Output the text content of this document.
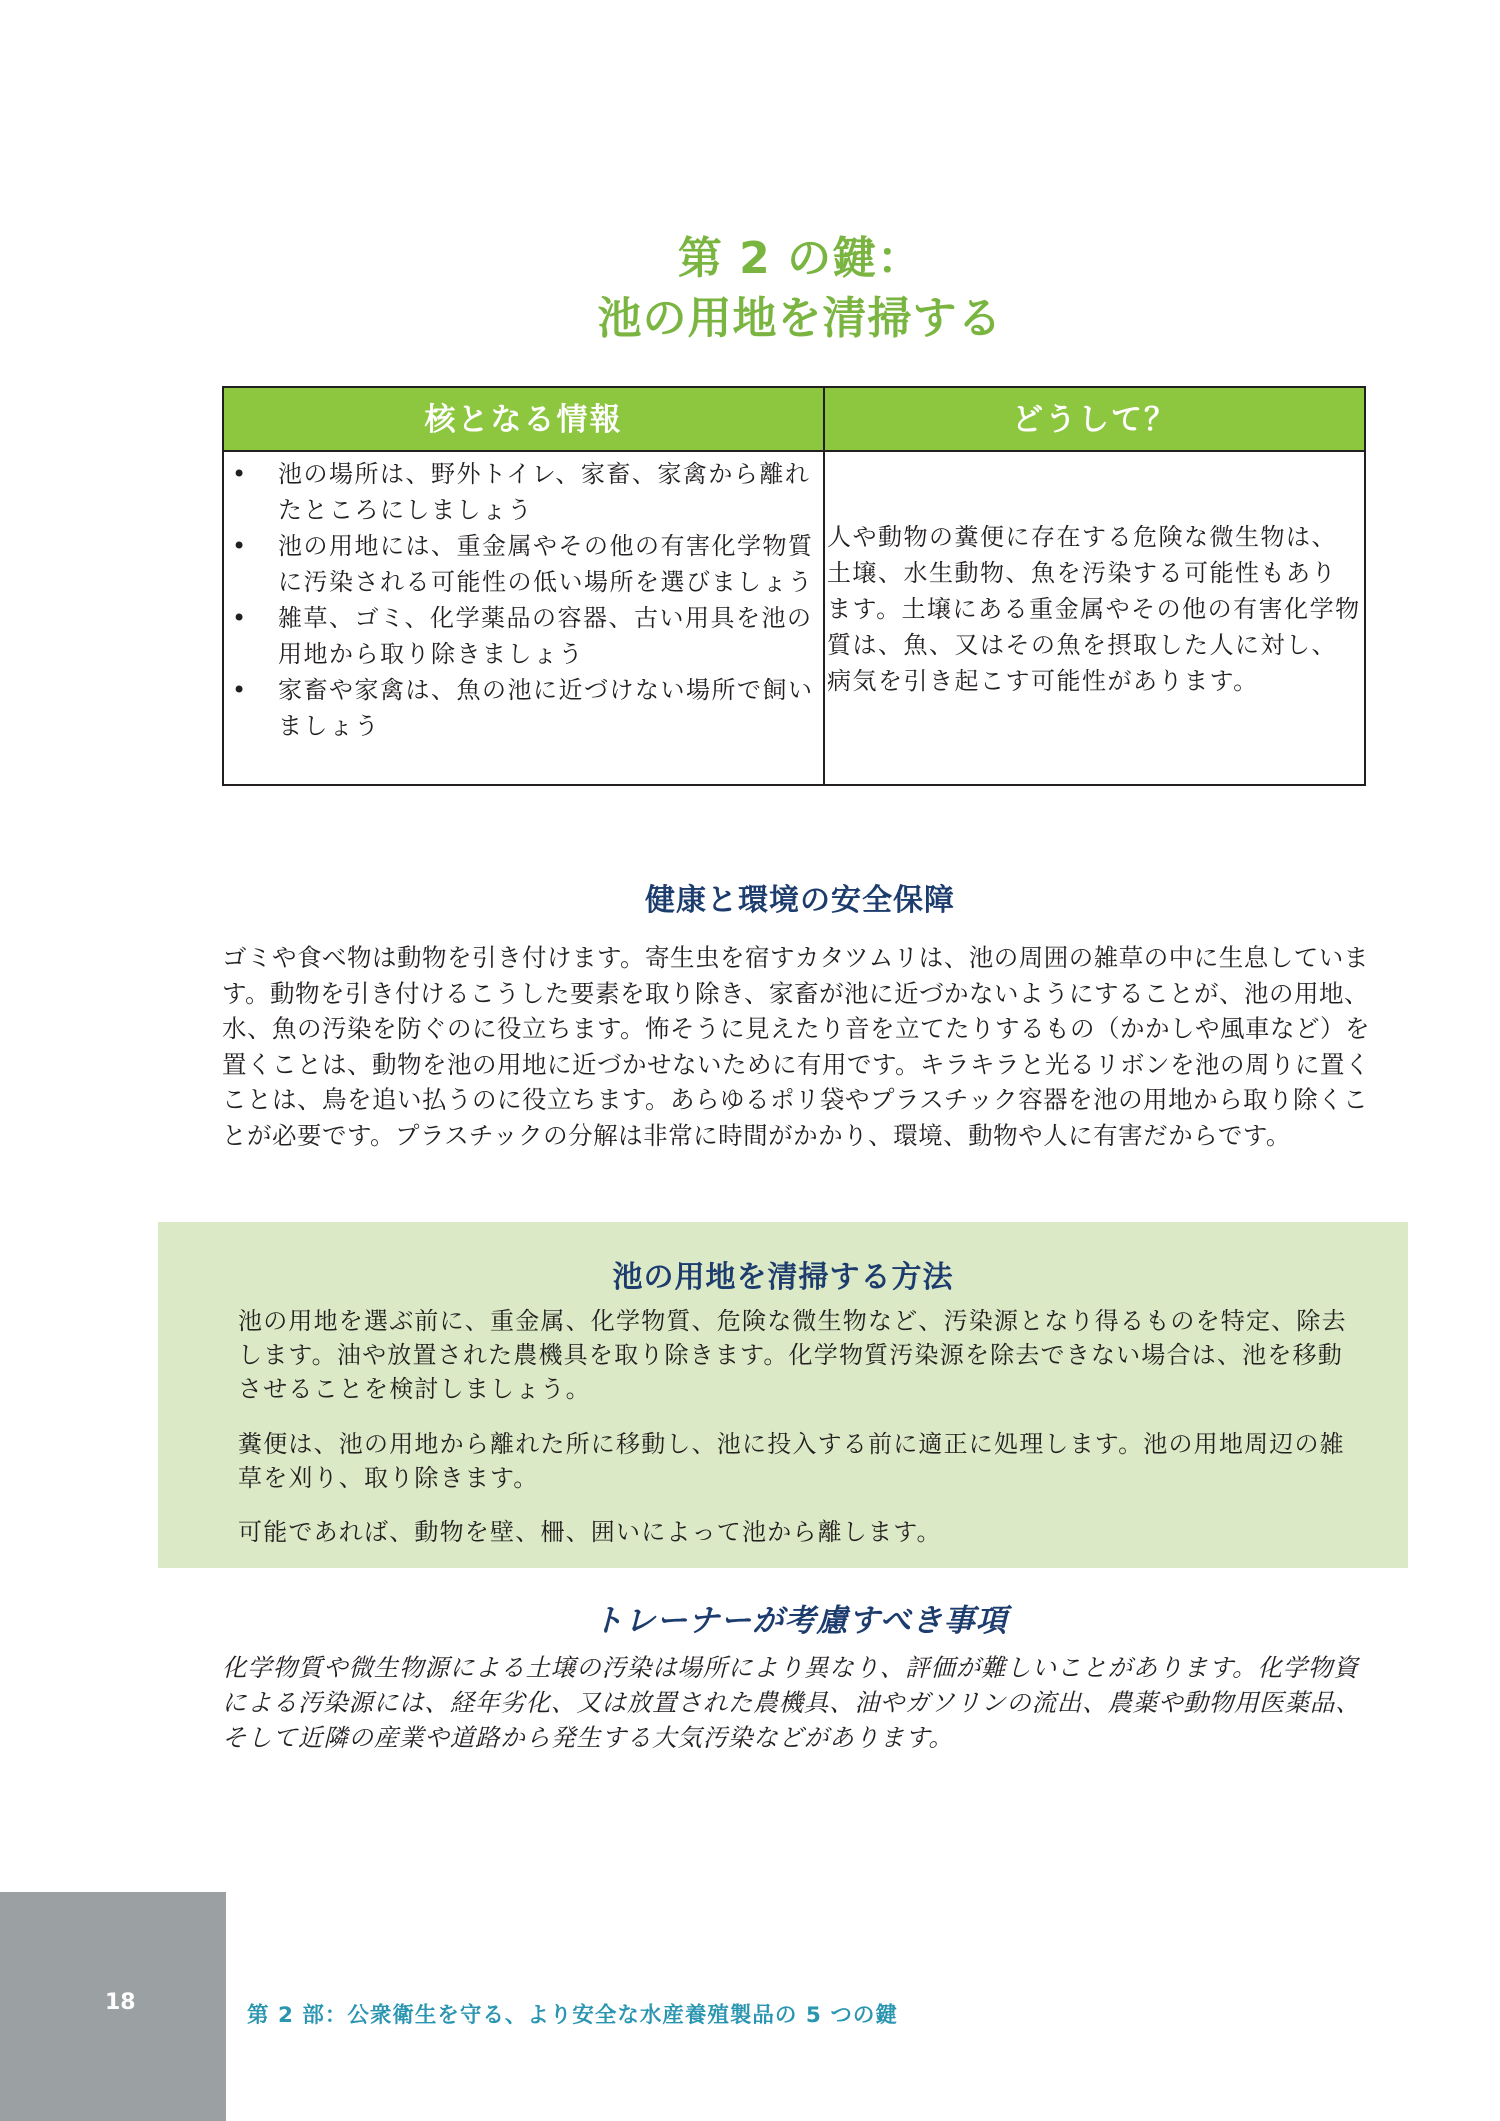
第 2 の鍵：
池の用地を清掃する
核となる情報	どうして？
• 池の場所は、野外トイレ、家畜、家禽から離れたところにしましょう
• 池の用地には、重金属やその他の有害化学物質に汚染される可能性の低い場所を選びましょう
• 雑草、ゴミ、化学薬品の容器、古い用具を池の用地から取り除きましょう
• 家畜や家禽は、魚の池に近づけない場所で飼いましょう

人や動物の糞便に存在する危険な微生物は、土壌、水生動物、魚を汚染する可能性もあります。土壌にある重金属やその他の有害化学物質は、魚、又はその魚を摂取した人に対し、病気を引き起こす可能性があります。

健康と環境の安全保障

ゴミや食べ物は動物を引き付けます。寄生虫を宿すカタツムリは、池の周囲の雑草の中に生息しています。動物を引き付けるこうした要素を取り除き、家畜が池に近づかないようにすることが、池の用地、水、魚の汚染を防ぐのに役立ちます。怖そうに見えたり音を立てたりするもの（かかしや風車など）を置くことは、動物を池の用地に近づかせないために有用です。キラキラと光るリボンを池の周りに置くことは、鳥を追い払うのに役立ちます。あらゆるポリ袋やプラスチック容器を池の用地から取り除くことが必要です。プラスチックの分解は非常に時間がかかり、環境、動物や人に有害だからです。

池の用地を清掃する方法

池の用地を選ぶ前に、重金属、化学物質、危険な微生物など、汚染源となり得るものを特定、除去します。油や放置された農機具を取り除きます。化学物質汚染源を除去できない場合は、池を移動させることを検討しましょう。

糞便は、池の用地から離れた所に移動し、池に投入する前に適正に処理します。池の用地周辺の雑草を刈り、取り除きます。

可能であれば、動物を壁、柵、囲いによって池から離します。

トレーナーが考慮すべき事項

化学物質や微生物源による土壌の汚染は場所により異なり、評価が難しいことがあります。化学物資による汚染源には、経年劣化、又は放置された農機具、油やガソリンの流出、農薬や動物用医薬品、そして近隣の産業や道路から発生する大気汚染などがあります。

18
第 2 部：公衆衛生を守る、より安全な水産養殖製品の 5 つの鍵
